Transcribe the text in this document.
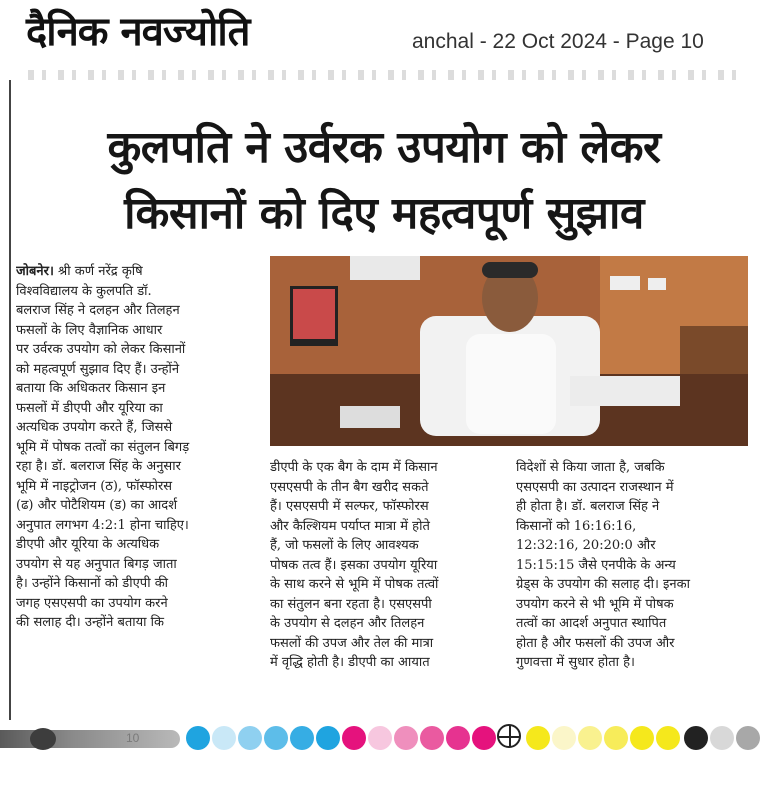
दैनिक नवज्योति	anchal - 22 Oct 2024 - Page 10
कुलपति ने उर्वरक उपयोग को लेकर
किसानों को दिए महत्वपूर्ण सुझाव
जोबनेर। श्री कर्ण नरेंद्र कृषि
विश्वविद्यालय के कुलपति डॉ.
बलराज सिंह ने दलहन और तिलहन
फसलों के लिए वैज्ञानिक आधार
पर उर्वरक उपयोग को लेकर किसानों
को महत्वपूर्ण सुझाव दिए हैं। उन्होंने
बताया कि अधिकतर किसान इन
फसलों में डीएपी और यूरिया का
अत्यधिक उपयोग करते हैं, जिससे
भूमि में पोषक तत्वों का संतुलन बिगड़
रहा है। डॉ. बलराज सिंह के अनुसार
भूमि में नाइट्रोजन (ठ), फॉस्फोरस
(ढ) और पोटैशियम (ड) का आदर्श
अनुपात लगभग 4:2:1 होना चाहिए।
डीएपी और यूरिया के अत्यधिक
उपयोग से यह अनुपात बिगड़ जाता
है। उन्होंने किसानों को डीएपी की
जगह एसएसपी का उपयोग करने
की सलाह दी। उन्होंने बताया कि
डीएपी के एक बैग के दाम में किसान
एसएसपी के तीन बैग खरीद सकते
हैं। एसएसपी में सल्फर, फॉस्फोरस
और कैल्शियम पर्याप्त मात्रा में होते
हैं, जो फसलों के लिए आवश्यक
पोषक तत्व हैं। इसका उपयोग यूरिया
के साथ करने से भूमि में पोषक तत्वों
का संतुलन बना रहता है। एसएसपी
के उपयोग से दलहन और तिलहन
फसलों की उपज और तेल की मात्रा
में वृद्धि होती है। डीएपी का आयात
विदेशों से किया जाता है, जबकि
एसएसपी का उत्पादन राजस्थान में
ही होता है। डॉ. बलराज सिंह ने
किसानों को 16:16:16,
12:32:16, 20:20:0 और
15:15:15 जैसे एनपीके के अन्य
ग्रेड्स के उपयोग की सलाह दी। इनका
उपयोग करने से भी भूमि में पोषक
तत्वों का आदर्श अनुपात स्थापित
होता है और फसलों की उपज और
गुणवत्ता में सुधार होता है।
10
